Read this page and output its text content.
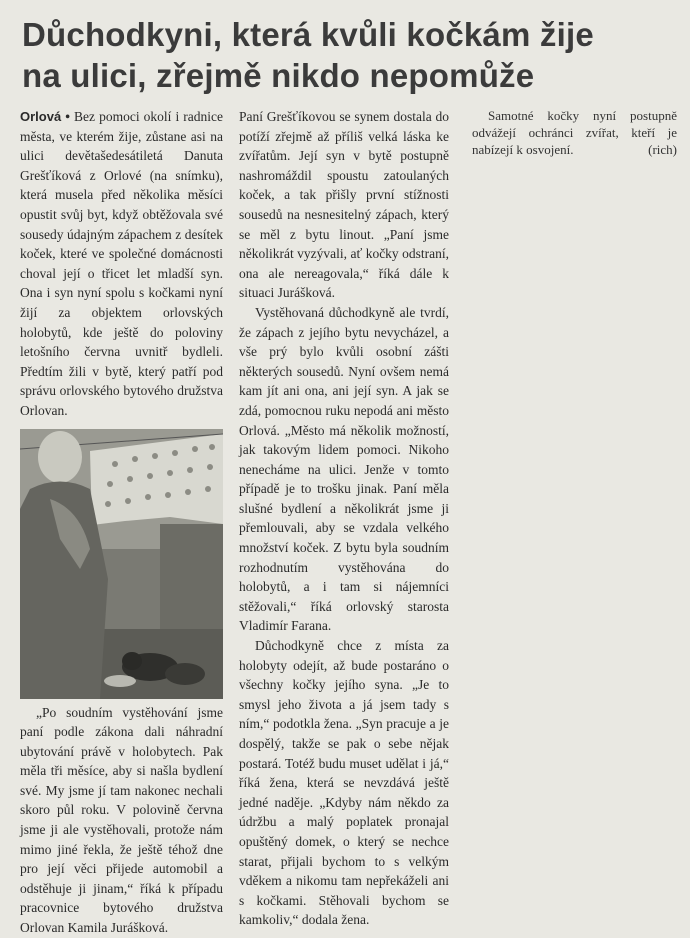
Důchodkyni, která kvůli kočkám žije
na ulici, zřejmě nikdo nepomůže

Orlová • Bez pomoci okolí i radnice města, ve kterém žije, zůstane asi na ulici devětašedesátiletá Danuta Grešťíková z Orlové (na snímku), která musela před několika měsíci opustit svůj byt, když obtěžovala své sousedy údajným zápachem z desítek koček, které ve společné domácnosti choval její o třicet let mladší syn. Ona i syn nyní spolu s kočkami nyní žijí za objektem orlovských holobytů, kde ještě do poloviny letošního června uvnitř bydleli. Předtím žili v bytě, který patří pod správu orlovského bytového družstva Orlovan.

„Po soudním vystěhování jsme paní podle zákona dali náhradní ubytování právě v holobytech. Pak měla tři měsíce, aby si našla bydlení své. My jsme jí tam nakonec nechali skoro půl roku. V polovině června jsme ji ale vystěhovali, protože nám mimo jiné řekla, že ještě téhož dne pro její věci přijede automobil a odstěhuje ji jinam,“ říká k případu pracovnice bytového družstva Orlovan Kamila Jurášková.

Paní Grešťíkovou se synem dostala do potíží zřejmě až příliš velká láska ke zvířatům. Její syn v bytě postupně nashromáždil spoustu zatoulaných koček, a tak přišly první stížnosti sousedů na nesnesitelný zápach, který se měl z bytu linout. „Paní jsme několikrát vyzývali, ať kočky odstraní, ona ale nereagovala,“ říká dále k situaci Jurášková.

Vystěhovaná důchodkyně ale tvrdí, že zápach z jejího bytu nevycházel, a vše prý bylo kvůli osobní zášti některých sousedů. Nyní ovšem nemá kam jít ani ona, ani její syn. A jak se zdá, pomocnou ruku nepodá ani město Orlová. „Město má několik možností, jak takovým lidem pomoci. Nikoho nenecháme na ulici. Jenže v tomto případě je to trošku jinak. Paní měla slušné bydlení a několikrát jsme ji přemlouvali, aby se vzdala velkého množství koček. Z bytu byla soudním rozhodnutím vystěhována do holobytů, a i tam si nájemníci stěžovali,“ říká orlovský starosta Vladimír Farana.

Důchodkyně chce z místa za holobyty odejít, až bude postaráno o všechny kočky jejího syna. „Je to smysl jeho života a já jsem tady s ním,“ podotkla žena. „Syn pracuje a je dospělý, takže se pak o sebe nějak postará. Totéž budu muset udělat i já,“ říká žena, která se nevzdává ještě jedné naděje. „Kdyby nám někdo za údržbu a malý poplatek pronajal opuštěný domek, o který se nechce starat, přijali bychom to s velkým vděkem a nikomu tam nepřekáželi ani s kočkami. Stěhovali bychom se kamkoliv,“ dodala žena.

Samotné kočky nyní postupně odvážejí ochránci zvířat, kteří je nabízejí k osvojení.	(rich)
